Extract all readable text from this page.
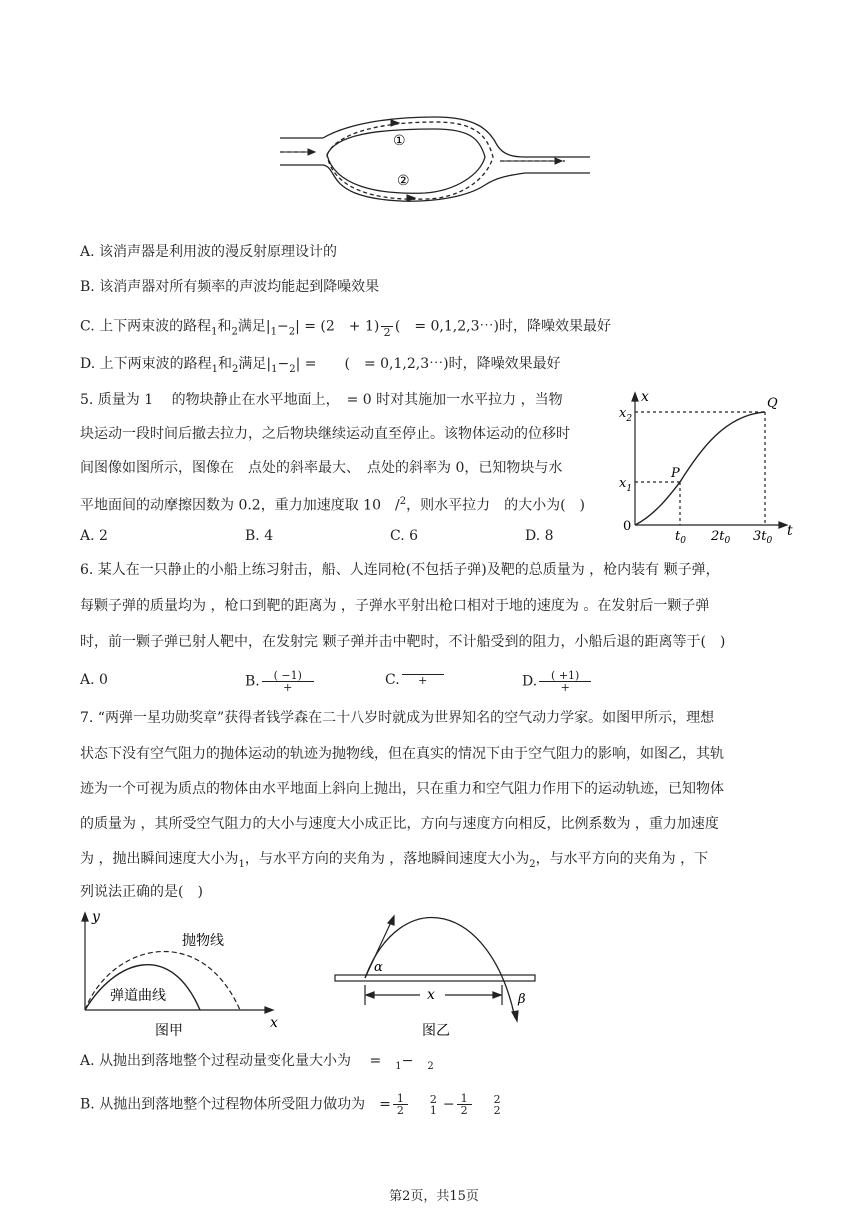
①
②
A. 该消声器是利用波的漫反射原理设计的
B. 该消声器对所有频率的声波均能起到降噪效果
C. 上下两束波的路程$_1$和$_2$满足$|_1-_2| = (2$　+ 1)
2 (　= 0,1,2,3⋯)时，降噪效果最好
D. 上下两束波的路程$_1$和$_2$满足$|_1-_2|$ =　　(　= 0,1,2,3⋯)时，降噪效果最好
5. 质量为 1　 的物块静止在水平地面上，　= 0 时对其施加一水平拉力 ，当物
块运动一段时间后撤去拉力，之后物块继续运动直至停止。该物体运动的位移时
间图像如图所示，图像在　点处的斜率最大、　点处的斜率为 0，已知物块与水
平地面间的动摩擦因数为 0.2，重力加速度取 10　/$^2$，则水平拉力　的大小为(　)
A. 2	B. 4	C. 6	D. 8	t
x
0
$x_2$
$x_1$
P
Q
$t_0$ $2t_0$ $3t_0$
6. 某人在一只静止的小船上练习射击，船、人连同枪(不包括子弹)及靶的总质量为 ，枪内装有 颗子弹，
每颗子弹的质量均为 ，枪口到靶的距离为 ，子弹水平射出枪口相对于地的速度为 。在发射后一颗子弹
时，前一颗子弹已射人靶中，在发射完 颗子弹并击中靶时，不计船受到的阻力，小船后退的距离等于(　)
A. 0	B. $\frac{( -1)}{+}$	C.	+	D. $\frac{( +1)}{+}$
7. “两弹一星功勋奖章”获得者钱学森在二十八岁时就成为世界知名的空气动力学家。如图甲所示，理想
状态下没有空气阻力的抛体运动的轨迹为抛物线，但在真实的情况下由于空气阻力的影响，如图乙，其轨
迹为一个可视为质点的物体由水平地面上斜向上抛出，只在重力和空气阻力作用下的运动轨迹，已知物体
的质量为 ，其所受空气阻力的大小与速度大小成正比，方向与速度方向相反，比例系数为 ，重力加速度
为 ，抛出瞬间速度大小为$_1$，与水平方向的夹角为 ，落地瞬间速度大小为$_2$，与水平方向的夹角为 ，下
列说法正确的是(　)
y
x
抛物线
弹道曲线
图甲
α
β
x
图乙
A. 从抛出到落地整个过程动量变化量大小为　 =　 $_1$−　 $_2$
B. 从抛出到落地整个过程物体所受阻力做功为　= $\frac{1}{2}$
　	2
$1 - \frac{1}{2}$
　	2
2
第2页，共15页
